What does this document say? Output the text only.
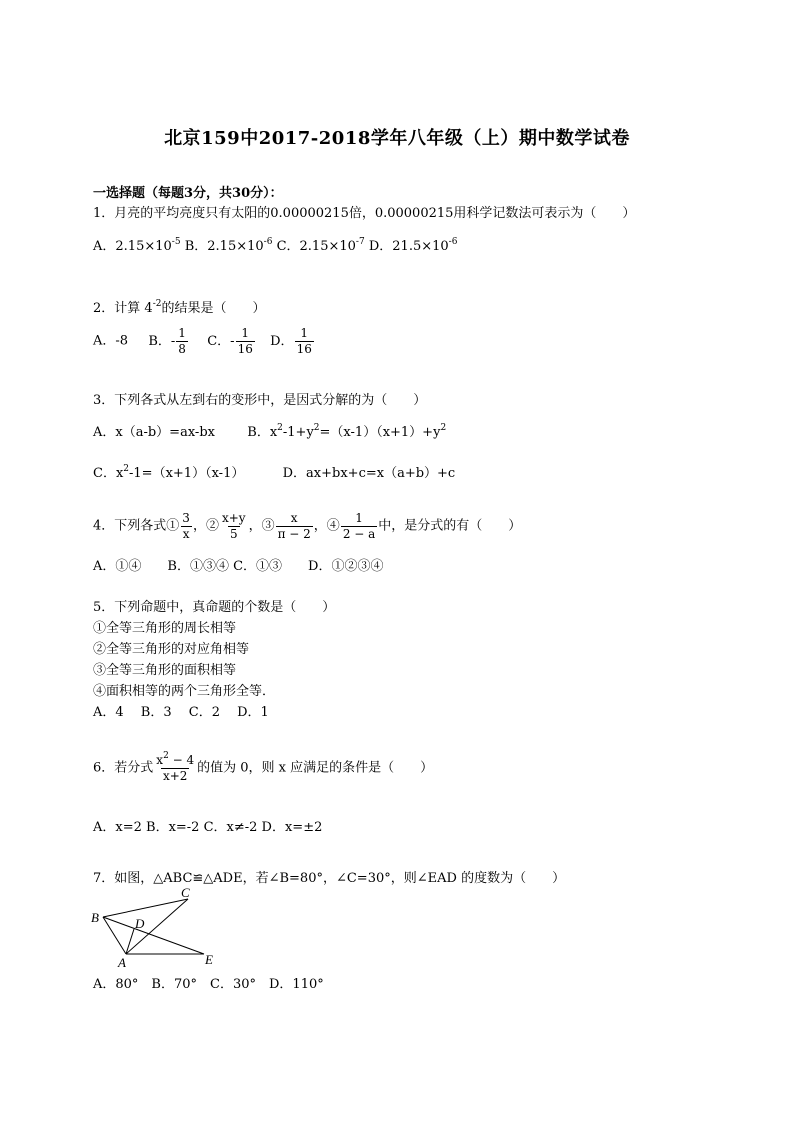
北京159中2017-2018学年八年级（上）期中数学试卷
一选择题（每题3分，共30分）：
1．月亮的平均亮度只有太阳的0.00000215倍，0.00000215用科学记数法可表示为（　　）
A．$2.15\times 10^{-5}$ B．$2.15\times 10^{-6}$ C．$2.15\times 10^{-7}$ D．$21.5\times 10^{-6}$
2．计算 $4^{-2}$的结果是（　　）
A．-8 B．- $\frac{1}{8}$ C．- $\frac{1}{16}$ D． $\frac{1}{16}$
3．下列各式从左到右的变形中，是因式分解的为（　　）
A．x（a-b）=ax-bx B．$x^2-1+y^2=(x-1)(x+1)+y^2$
C．$x^2-1=(x+1)(x-1)$	D．ax+bx+c=x（a+b）+c
4．下列各式① $\frac{3}{x}$ ，② $\frac{x+y}{5}$ ，③ $\frac{x}{\pi - 2}$ ，④ $\frac{1}{2 - a}$ 中，是分式的有（　　）
A．①④　　B．①③④ C．①③　　D．①②③④
5．下列命题中，真命题的个数是（　　）
①全等三角形的周长相等
②全等三角形的对应角相等
③全等三角形的面积相等
④面积相等的两个三角形全等．
A．4　 B．3　 C．2　 D．1
6．若分式 $\frac{x^2 - 4}{x+2}$ 的值为 0，则 x 应满足的条件是（　　）
A．x=2 B．x=-2 C．x≠-2 D．x=±2
7．如图，△ABC≌△ADE，若∠B=80°，∠C=30°，则∠EAD 的度数为（　　）
B
C
D
A	E
A．80°　B．70°　C．30°　D．110°
